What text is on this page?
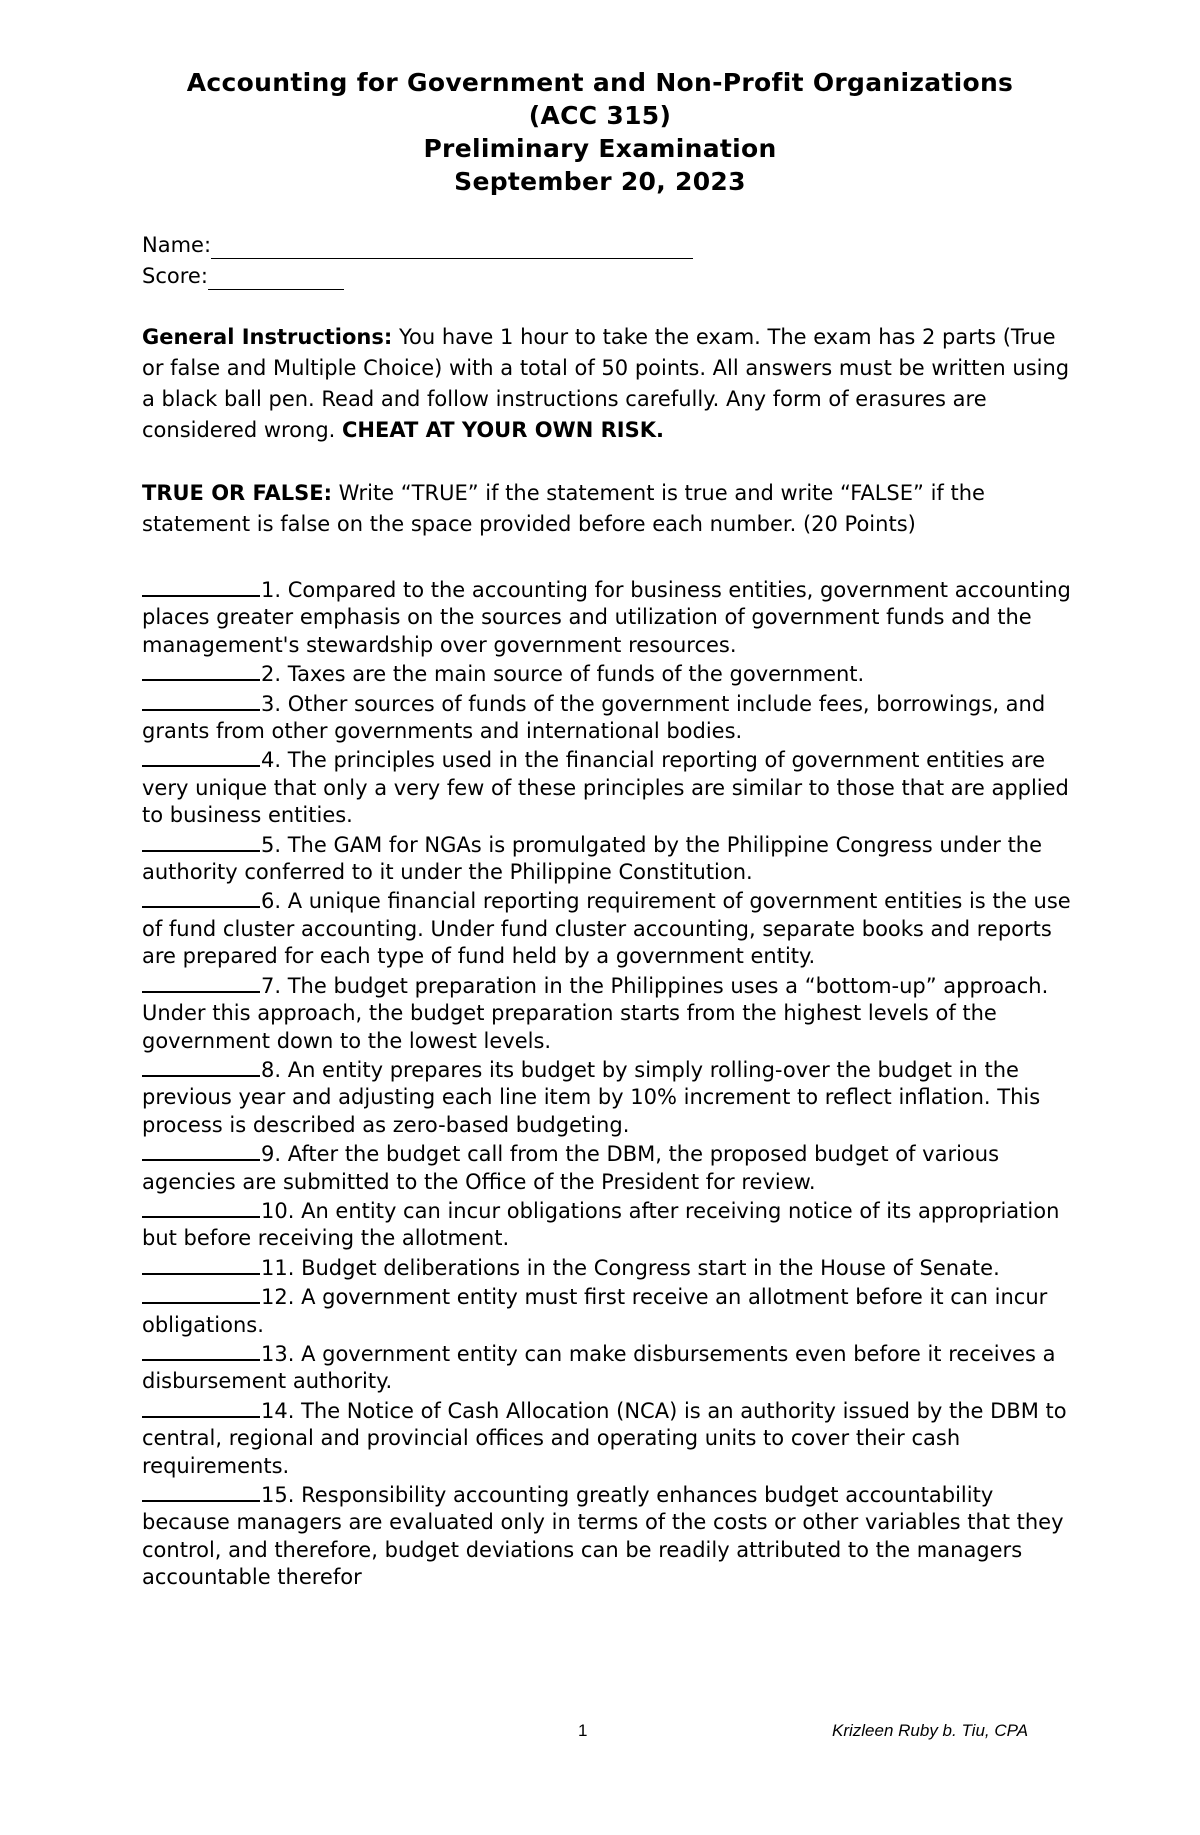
Accounting for Government and Non-Profit Organizations
(ACC 315)
Preliminary Examination
September 20, 2023
Name:
Score:
General Instructions: You have 1 hour to take the exam. The exam has 2 parts (True or false and Multiple Choice) with a total of 50 points. All answers must be written using a black ball pen. Read and follow instructions carefully. Any form of erasures are considered wrong. CHEAT AT YOUR OWN RISK.
TRUE OR FALSE: Write “TRUE” if the statement is true and write “FALSE” if the statement is false on the space provided before each number. (20 Points)
1. Compared to the accounting for business entities, government accounting places greater emphasis on the sources and utilization of government funds and the management's stewardship over government resources.
2. Taxes are the main source of funds of the government.
3. Other sources of funds of the government include fees, borrowings, and grants from other governments and international bodies.
4. The principles used in the financial reporting of government entities are very unique that only a very few of these principles are similar to those that are applied to business entities.
5. The GAM for NGAs is promulgated by the Philippine Congress under the authority conferred to it under the Philippine Constitution.
6. A unique financial reporting requirement of government entities is the use of fund cluster accounting. Under fund cluster accounting, separate books and reports are prepared for each type of fund held by a government entity.
7. The budget preparation in the Philippines uses a “bottom-up” approach. Under this approach, the budget preparation starts from the highest levels of the government down to the lowest levels.
8. An entity prepares its budget by simply rolling-over the budget in the previous year and adjusting each line item by 10% increment to reflect inflation. This process is described as zero-based budgeting.
9. After the budget call from the DBM, the proposed budget of various agencies are submitted to the Office of the President for review.
10. An entity can incur obligations after receiving notice of its appropriation but before receiving the allotment.
11. Budget deliberations in the Congress start in the House of Senate.
12. A government entity must first receive an allotment before it can incur obligations.
13. A government entity can make disbursements even before it receives a disbursement authority.
14. The Notice of Cash Allocation (NCA) is an authority issued by the DBM to central, regional and provincial offices and operating units to cover their cash requirements.
15. Responsibility accounting greatly enhances budget accountability because managers are evaluated only in terms of the costs or other variables that they control, and therefore, budget deviations can be readily attributed to the managers accountable therefor
1	Krizleen Ruby b. Tiu, CPA
